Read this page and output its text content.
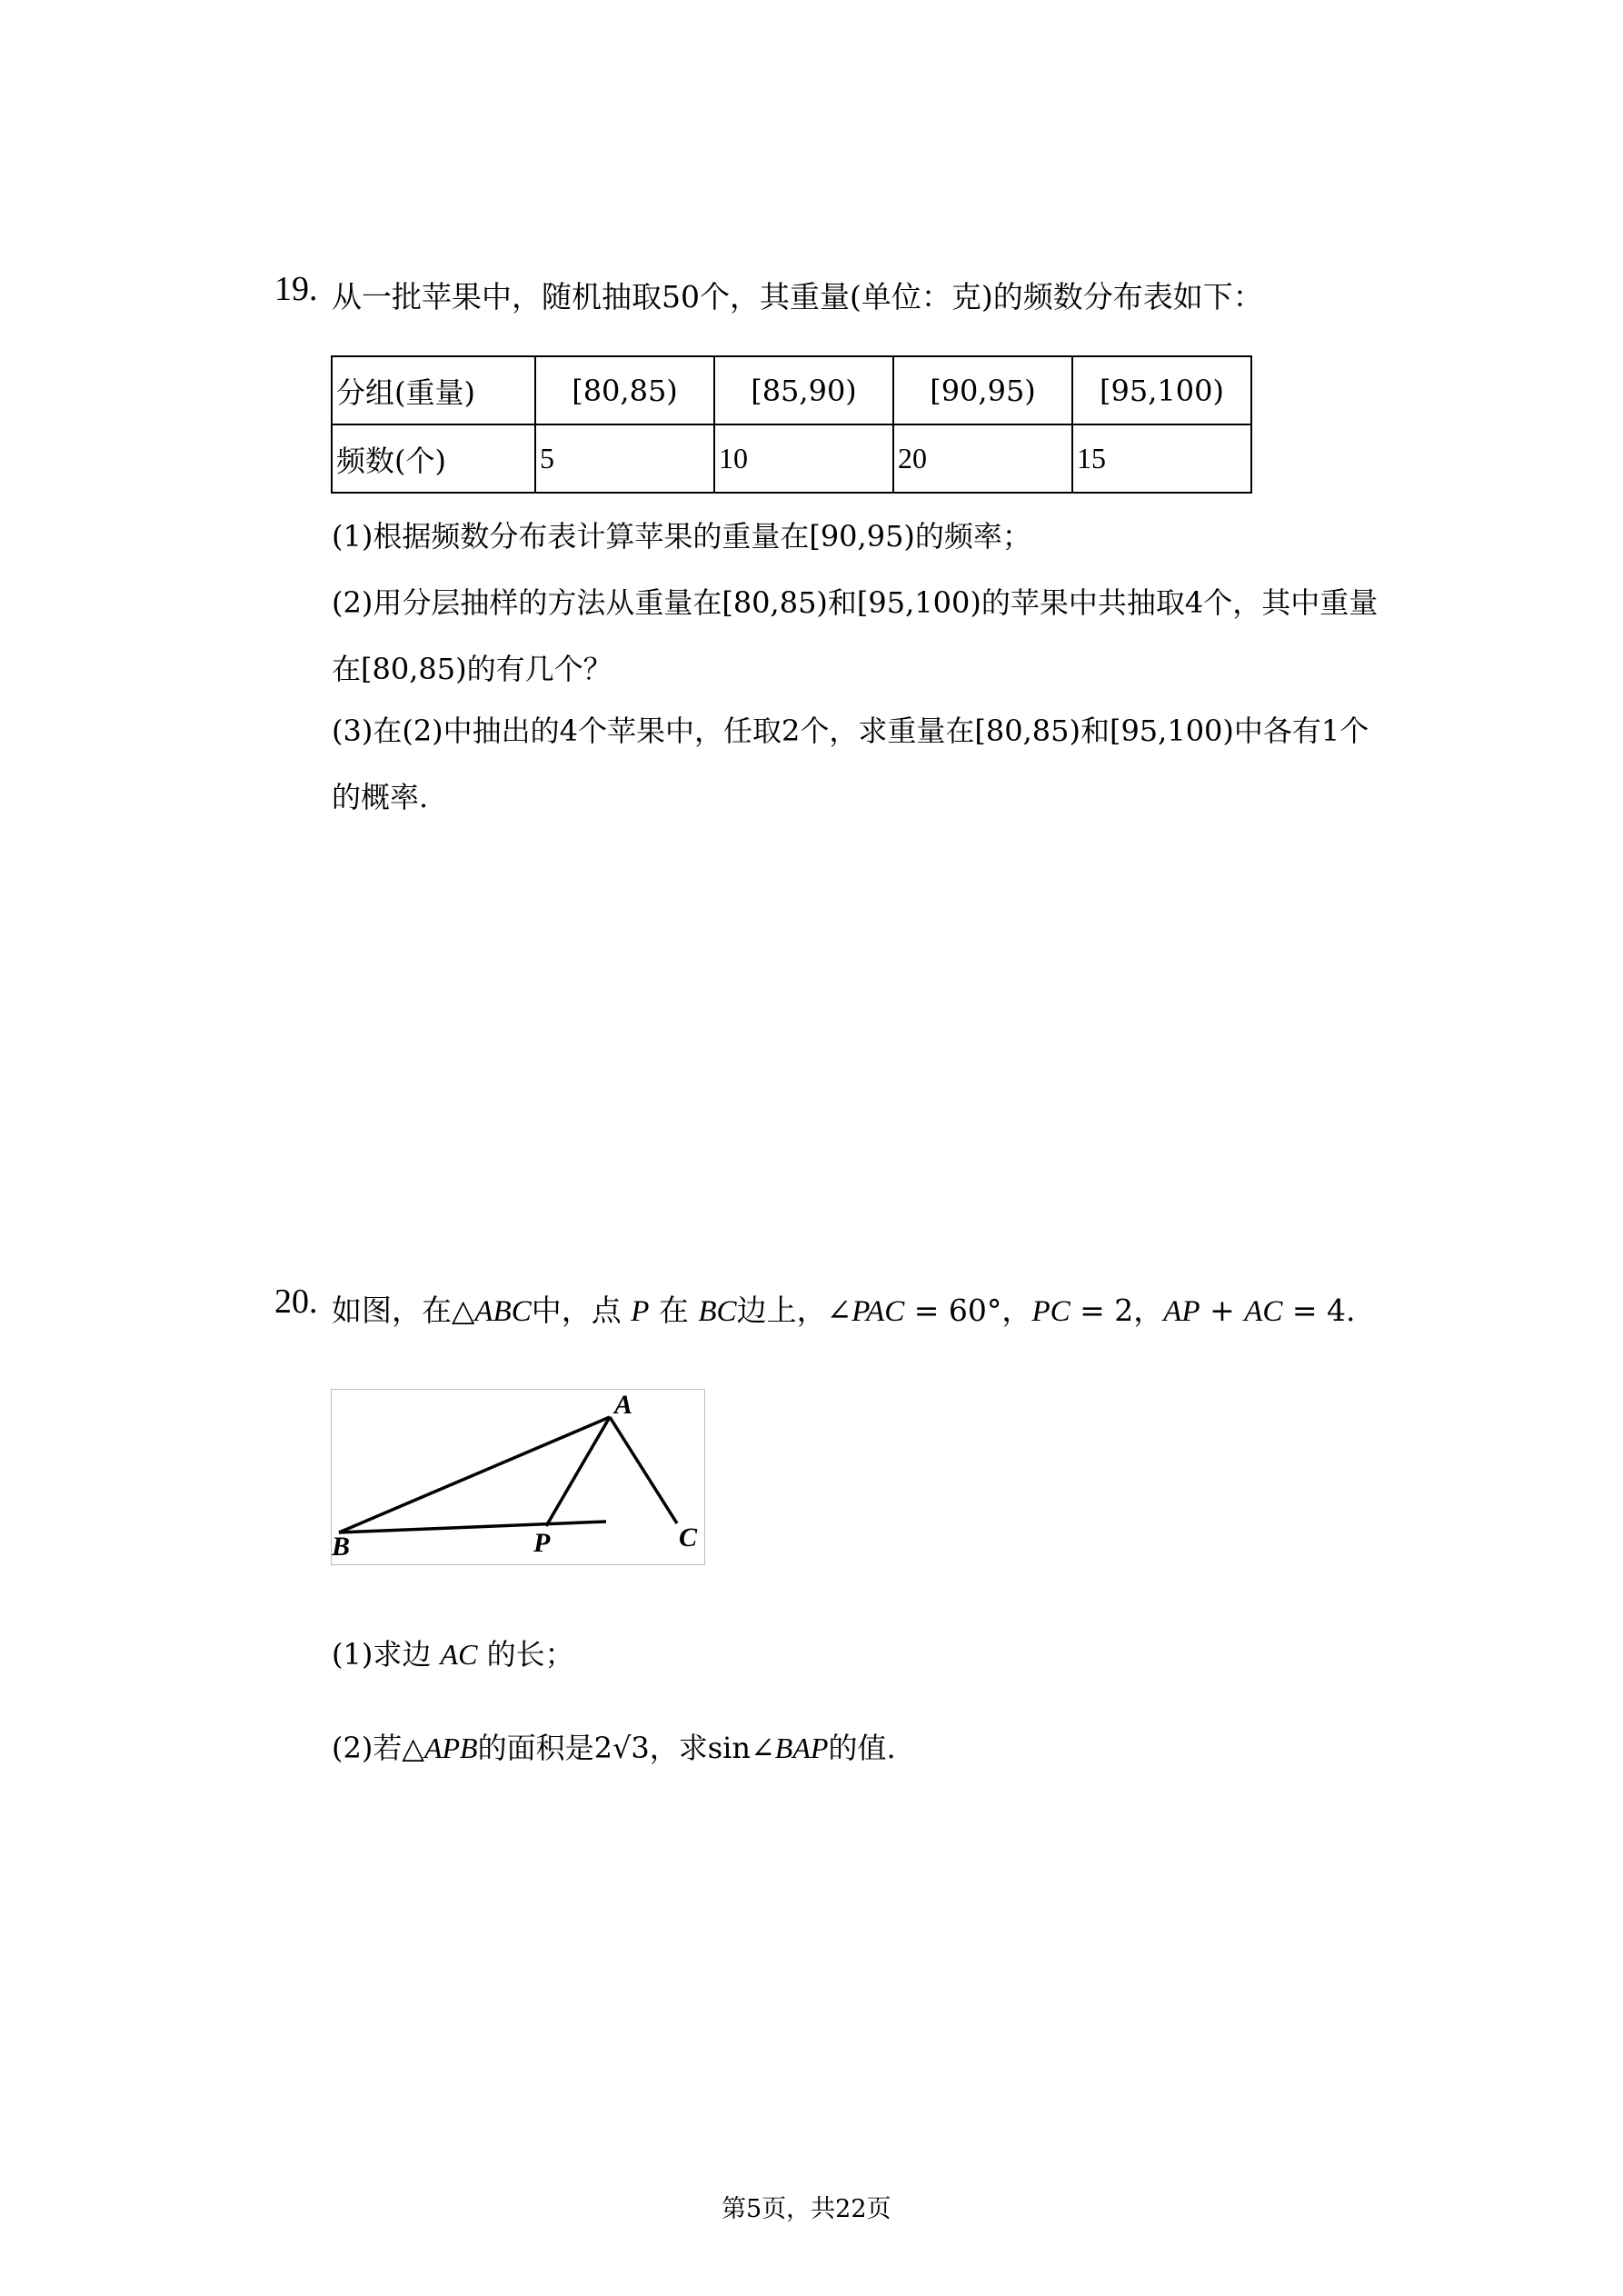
19. 从一批苹果中，随机抽取50个，其重量(单位：克)的频数分布表如下：
分组(重量)	[80,85)	[85,90)	[90,95)	[95,100)
频数(个)	5	10	20	15
(1)根据频数分布表计算苹果的重量在[90,95)的频率；
(2)用分层抽样的方法从重量在[80,85)和[95,100)的苹果中共抽取4个，其中重量
在[80,85)的有几个？
(3)在(2)中抽出的4个苹果中，任取2个，求重量在[80,85)和[95,100)中各有1个
的概率.
20. 如图，在△ABC中，点 P 在 BC边上，∠PAC = 60°，PC = 2，AP + AC = 4.
A
B	P	C
(1)求边 AC 的长；
(2)若△APB的面积是2√3，求sin∠BAP的值.
第5页，共22页
